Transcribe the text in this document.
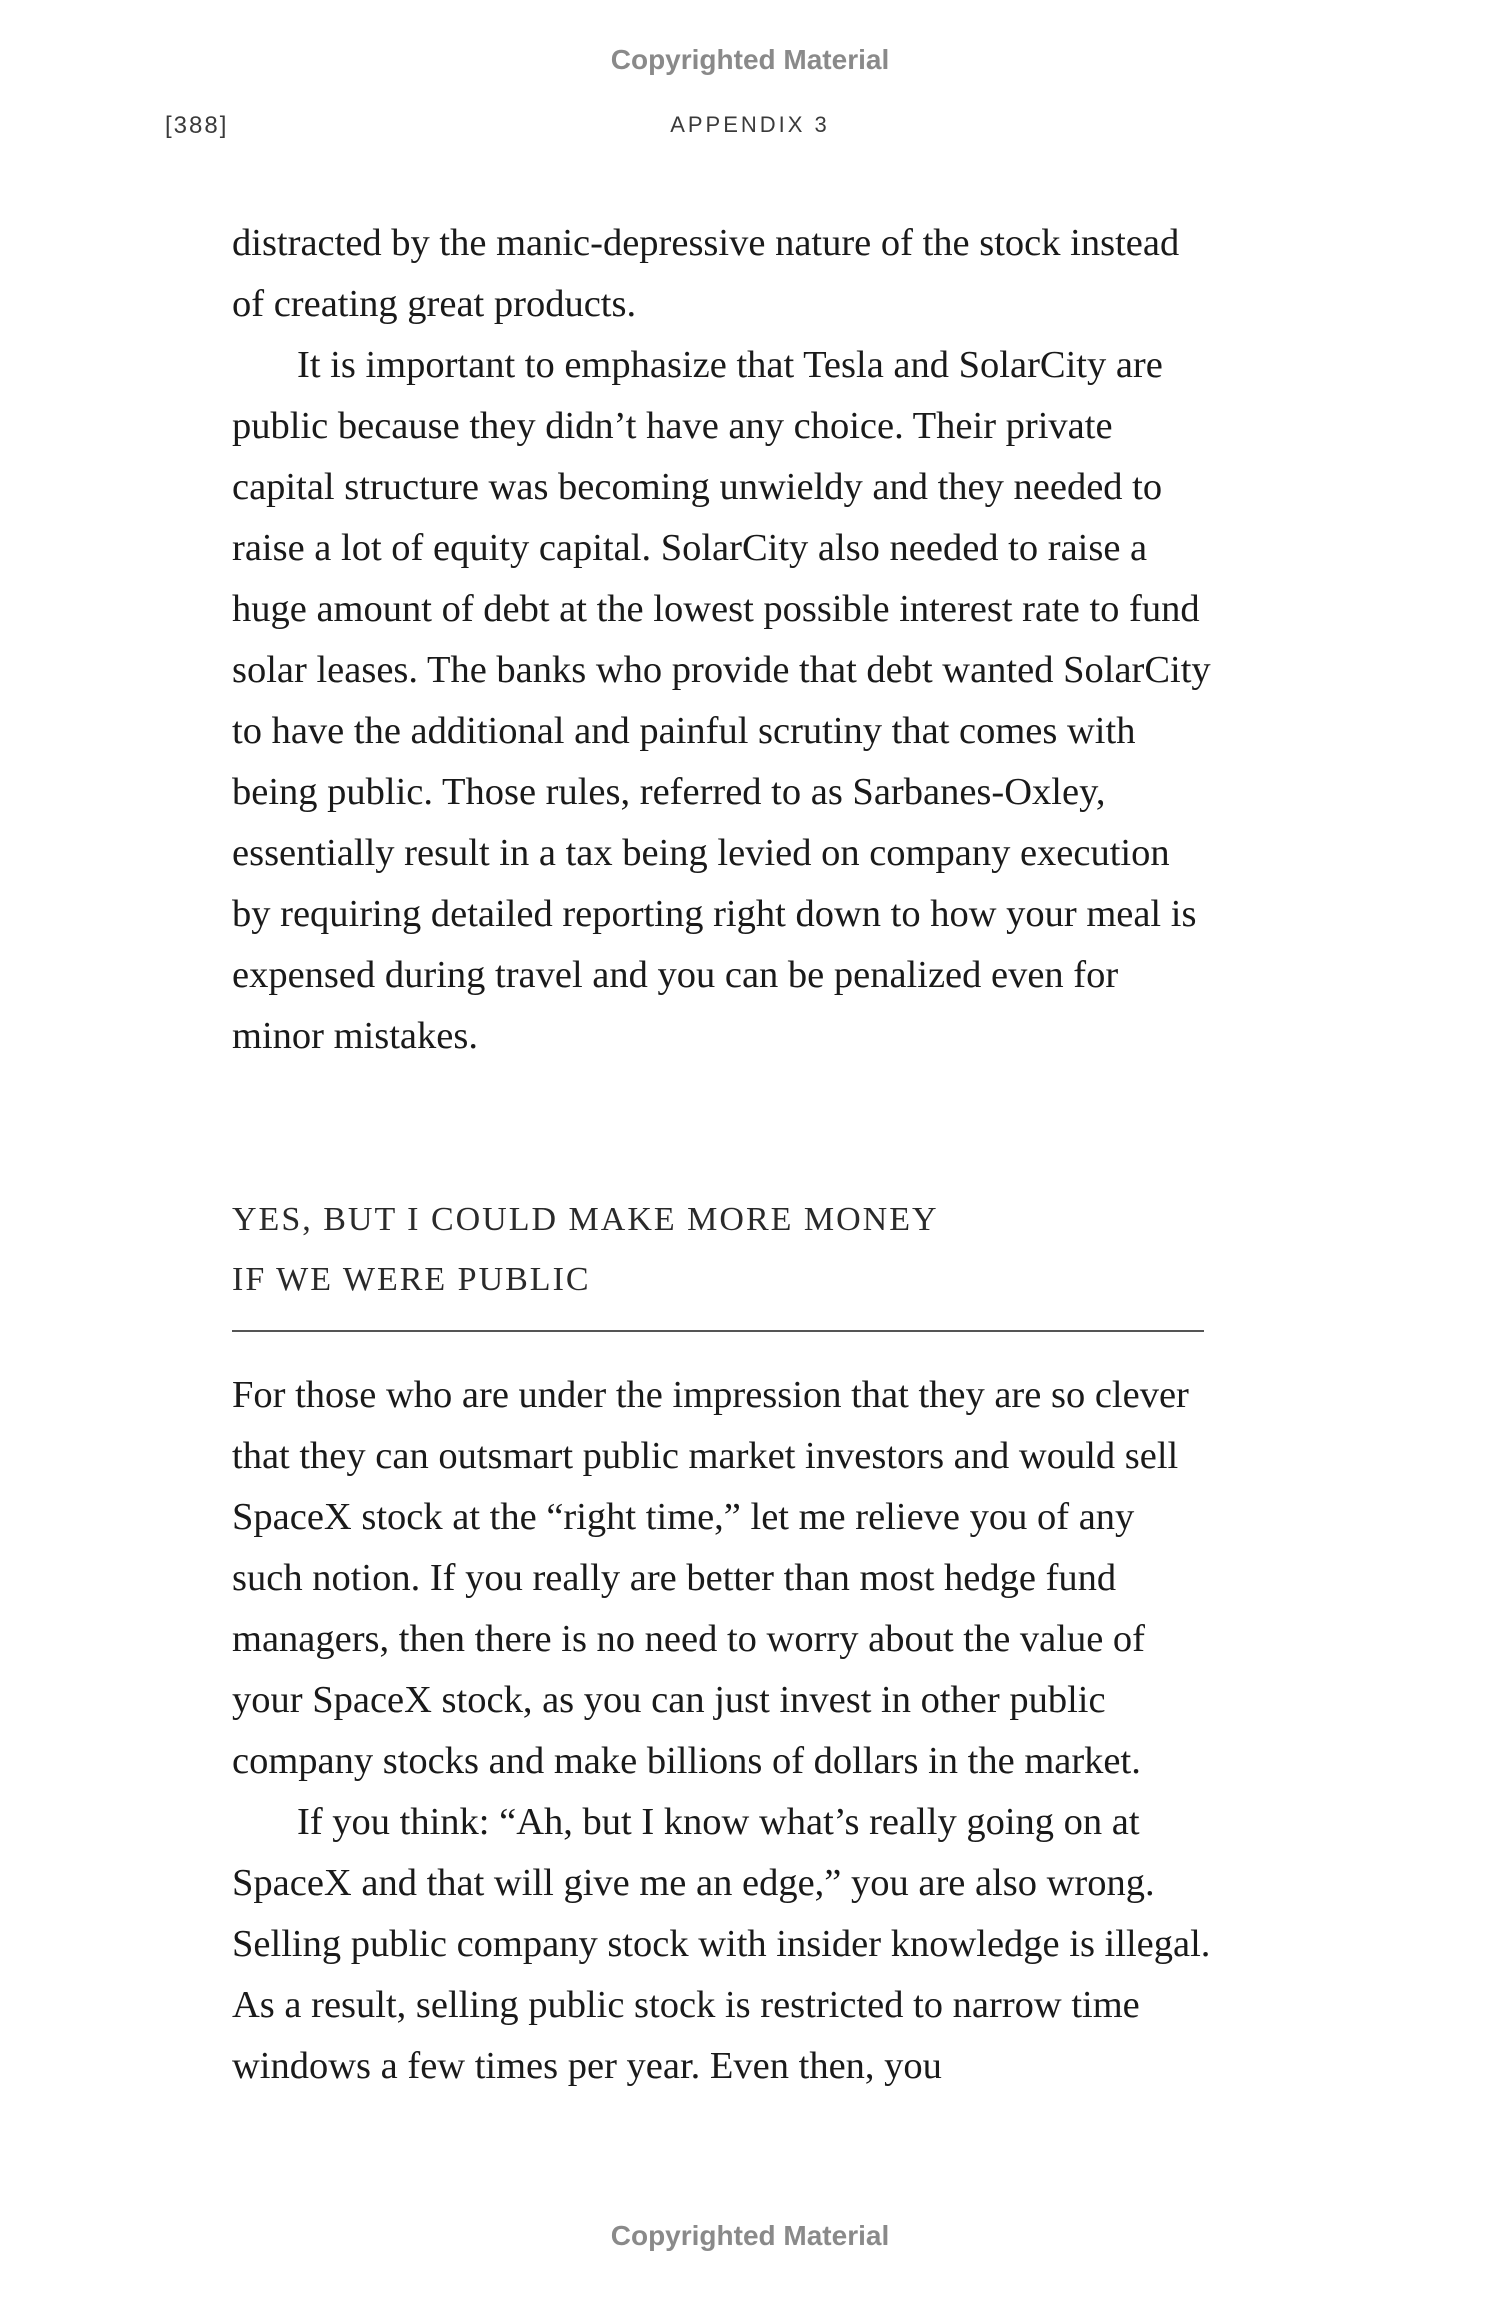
Copyrighted Material
[388]	APPENDIX 3

distracted by the manic-depressive nature of the stock instead of creating great products.

It is important to emphasize that Tesla and SolarCity are public because they didn’t have any choice. Their private capital structure was becoming unwieldy and they needed to raise a lot of equity capital. SolarCity also needed to raise a huge amount of debt at the lowest possible interest rate to fund solar leases. The banks who provide that debt wanted SolarCity to have the additional and painful scrutiny that comes with being public. Those rules, referred to as Sarbanes-Oxley, essentially result in a tax being levied on company execution by requiring detailed reporting right down to how your meal is expensed during travel and you can be penalized even for minor mistakes.

YES, BUT I COULD MAKE MORE MONEY
IF WE WERE PUBLIC

For those who are under the impression that they are so clever that they can outsmart public market investors and would sell SpaceX stock at the “right time,” let me relieve you of any such notion. If you really are better than most hedge fund managers, then there is no need to worry about the value of your SpaceX stock, as you can just invest in other public company stocks and make billions of dollars in the market.

If you think: “Ah, but I know what’s really going on at SpaceX and that will give me an edge,” you are also wrong. Selling public company stock with insider knowledge is illegal. As a result, selling public stock is restricted to narrow time windows a few times per year. Even then, you

Copyrighted Material
